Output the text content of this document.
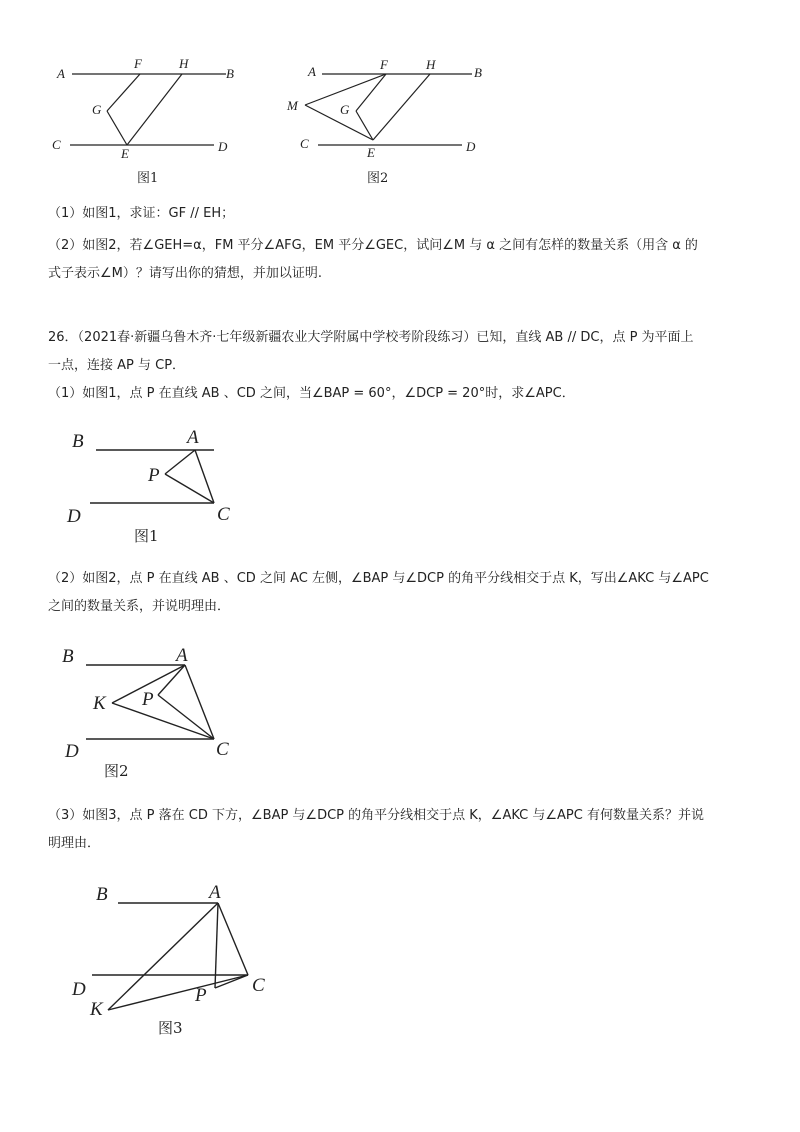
A
F	H
B
G
C
E	D
图1
A	F	H
B
M	G
C
E	D
图2
B	A
P
D	C
图1
B	A
K P
D	C
图2
B	A
D
K
P C
图3

（1）如图1，求证：GF // EH；

（2）如图2，若∠GEH=α，FM 平分∠AFG，EM 平分∠GEC，试问∠M 与 α 之间有怎样的数量关系（用含 α 的
式子表示∠M）？请写出你的猜想，并加以证明.

26．（2021春·新疆乌鲁木齐·七年级新疆农业大学附属中学校考阶段练习）已知，直线 AB // DC，点 P 为平面上
一点，连接 AP 与 CP．

（1）如图1，点 P 在直线 AB 、CD 之间，当∠BAP = 60°，∠DCP = 20°时，求∠APC．

（2）如图2，点 P 在直线 AB 、CD 之间 AC 左侧，∠BAP 与∠DCP 的角平分线相交于点 K，写出∠AKC 与∠APC
之间的数量关系，并说明理由．

（3）如图3，点 P 落在 CD 下方，∠BAP 与∠DCP 的角平分线相交于点 K，∠AKC 与∠APC 有何数量关系？并说
明理由．
